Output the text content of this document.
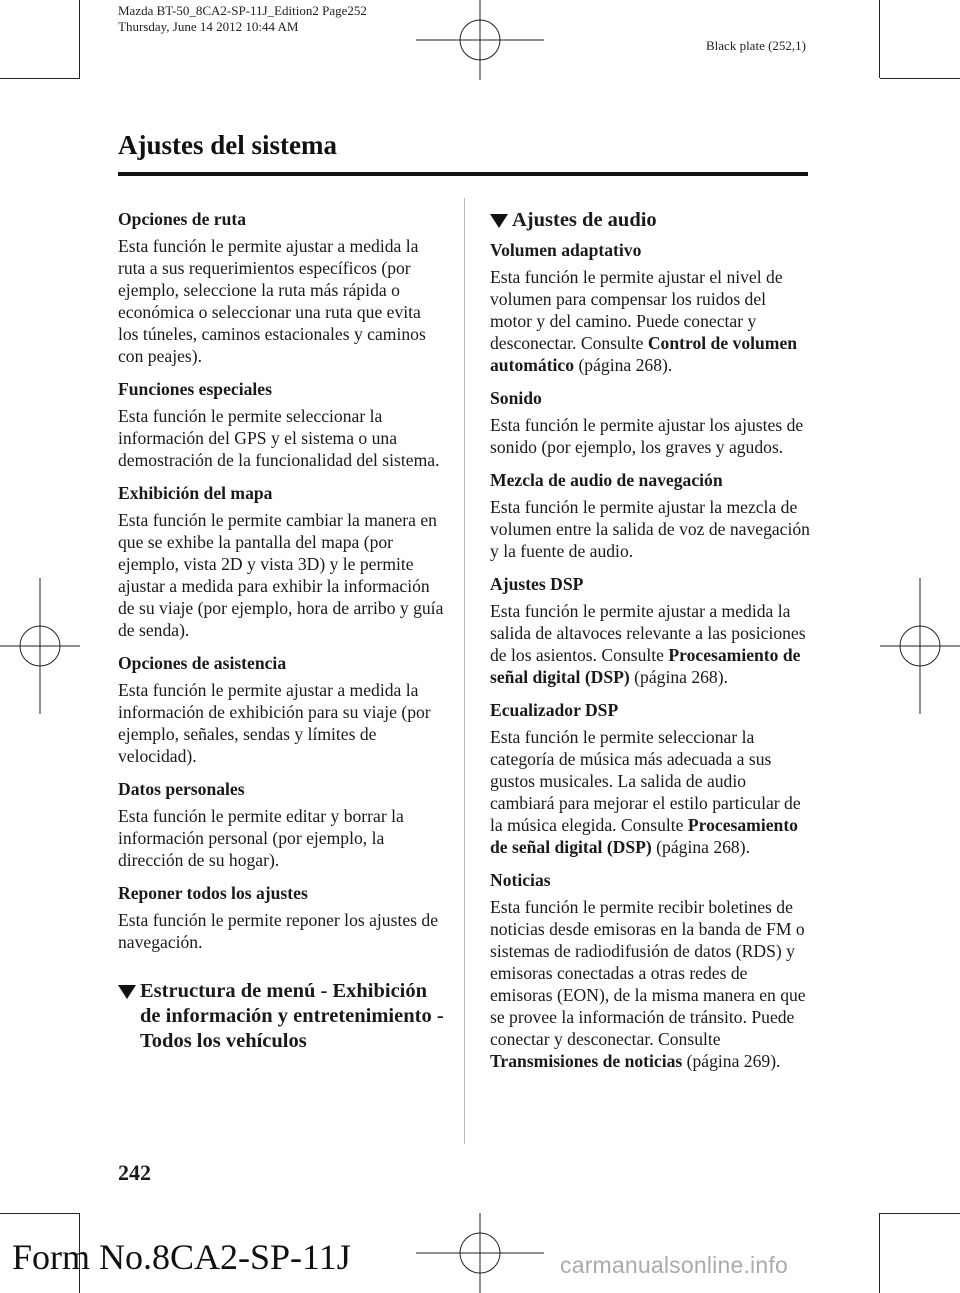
Mazda BT-50_8CA2-SP-11J_Edition2 Page252
Thursday, June 14 2012 10:44 AM
Black plate (252,1)
Ajustes del sistema
Opciones de ruta
Esta función le permite ajustar a medida la ruta a sus requerimientos específicos (por ejemplo, seleccione la ruta más rápida o económica o seleccionar una ruta que evita los túneles, caminos estacionales y caminos con peajes).
Funciones especiales
Esta función le permite seleccionar la información del GPS y el sistema o una demostración de la funcionalidad del sistema.
Exhibición del mapa
Esta función le permite cambiar la manera en que se exhibe la pantalla del mapa (por ejemplo, vista 2D y vista 3D) y le permite ajustar a medida para exhibir la información de su viaje (por ejemplo, hora de arribo y guía de senda).
Opciones de asistencia
Esta función le permite ajustar a medida la información de exhibición para su viaje (por ejemplo, señales, sendas y límites de velocidad).
Datos personales
Esta función le permite editar y borrar la información personal (por ejemplo, la dirección de su hogar).
Reponer todos los ajustes
Esta función le permite reponer los ajustes de navegación.
Estructura de menú - Exhibición de información y entretenimiento - Todos los vehículos
Ajustes de audio
Volumen adaptativo
Esta función le permite ajustar el nivel de volumen para compensar los ruidos del motor y del camino. Puede conectar y desconectar. Consulte Control de volumen automático (página 268).
Sonido
Esta función le permite ajustar los ajustes de sonido (por ejemplo, los graves y agudos.
Mezcla de audio de navegación
Esta función le permite ajustar la mezcla de volumen entre la salida de voz de navegación y la fuente de audio.
Ajustes DSP
Esta función le permite ajustar a medida la salida de altavoces relevante a las posiciones de los asientos. Consulte Procesamiento de señal digital (DSP) (página 268).
Ecualizador DSP
Esta función le permite seleccionar la categoría de música más adecuada a sus gustos musicales. La salida de audio cambiará para mejorar el estilo particular de la música elegida. Consulte Procesamiento de señal digital (DSP) (página 268).
Noticias
Esta función le permite recibir boletines de noticias desde emisoras en la banda de FM o sistemas de radiodifusión de datos (RDS) y emisoras conectadas a otras redes de emisoras (EON), de la misma manera en que se provee la información de tránsito. Puede conectar y desconectar. Consulte Transmisiones de noticias (página 269).
242
Form No.8CA2-SP-11J	carmanualsonline.info
